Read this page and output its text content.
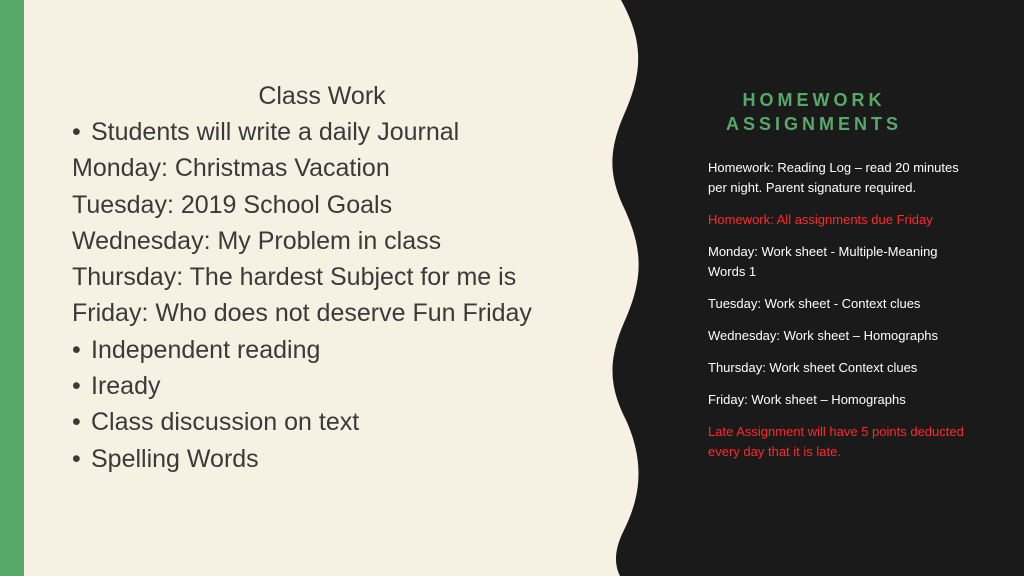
Class Work
• Students will write a daily Journal
Monday: Christmas Vacation
Tuesday: 2019 School Goals
Wednesday: My Problem in class
Thursday: The hardest Subject for me is
Friday: Who does not deserve Fun Friday
• Independent reading
• Iready
• Class discussion on text
• Spelling Words
HOMEWORK
ASSIGNMENTS
Homework: Reading Log – read 20 minutes per night. Parent signature required.
Homework: All assignments due Friday
Monday: Work sheet - Multiple-Meaning Words 1
Tuesday: Work sheet - Context clues
Wednesday: Work sheet – Homographs
Thursday: Work sheet Context clues
Friday: Work sheet – Homographs
Late Assignment will have 5 points deducted every day that it is late.
